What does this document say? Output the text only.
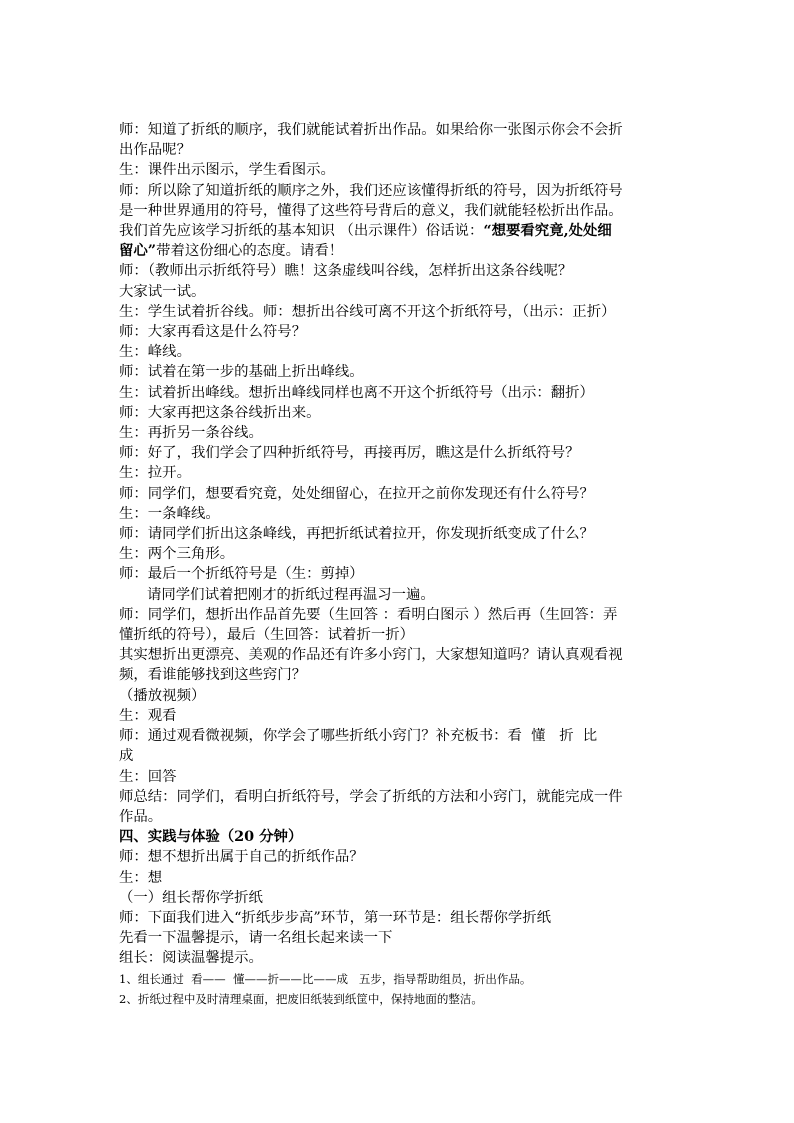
师：知道了折纸的顺序，我们就能试着折出作品。如果给你一张图示你会不会折
出作品呢？
生：课件出示图示，学生看图示。
师：所以除了知道折纸的顺序之外，我们还应该懂得折纸的符号，因为折纸符号
是一种世界通用的符号，懂得了这些符号背后的意义，我们就能轻松折出作品。
我们首先应该学习折纸的基本知识 （出示课件）俗话说：“想要看究竟,处处细
留心”带着这份细心的态度。请看！
师：（教师出示折纸符号）瞧！这条虚线叫谷线，怎样折出这条谷线呢？
大家试一试。
生：学生试着折谷线。师：想折出谷线可离不开这个折纸符号，（出示：正折）
师：大家再看这是什么符号？
生：峰线。
师：试着在第一步的基础上折出峰线。
生：试着折出峰线。想折出峰线同样也离不开这个折纸符号（出示：翻折）
师：大家再把这条谷线折出来。
生：再折另一条谷线。
师：好了，我们学会了四种折纸符号，再接再厉，瞧这是什么折纸符号？
生：拉开。
师：同学们，想要看究竟，处处细留心，在拉开之前你发现还有什么符号？
生：一条峰线。
师：请同学们折出这条峰线，再把折纸试着拉开，你发现折纸变成了什么？
生：两个三角形。
师：最后一个折纸符号是（生：剪掉）
请同学们试着把刚才的折纸过程再温习一遍。
师：同学们，想折出作品首先要（生回答 ：看明白图示 ）然后再（生回答：弄
懂折纸的符号），最后（生回答：试着折一折）
其实想折出更漂亮、美观的作品还有许多小窍门，大家想知道吗？请认真观看视
频，看谁能够找到这些窍门？
（播放视频）
生：观看
师：通过观看微视频，你学会了哪些折纸小窍门？补充板书：看  懂   折  比
成
生：回答
师总结：同学们，看明白折纸符号，学会了折纸的方法和小窍门，就能完成一件
作品。
四、实践与体验（20 分钟）
师：想不想折出属于自己的折纸作品？
生：想
（一）组长帮你学折纸
师：下面我们进入“折纸步步高”环节，第一环节是：组长帮你学折纸
先看一下温馨提示，请一名组长起来读一下
组长：阅读温馨提示。
1、组长通过  看——  懂——折——比——成   五步，指导帮助组员，折出作品。
2、折纸过程中及时清理桌面，把废旧纸装到纸筐中，保持地面的整洁。
